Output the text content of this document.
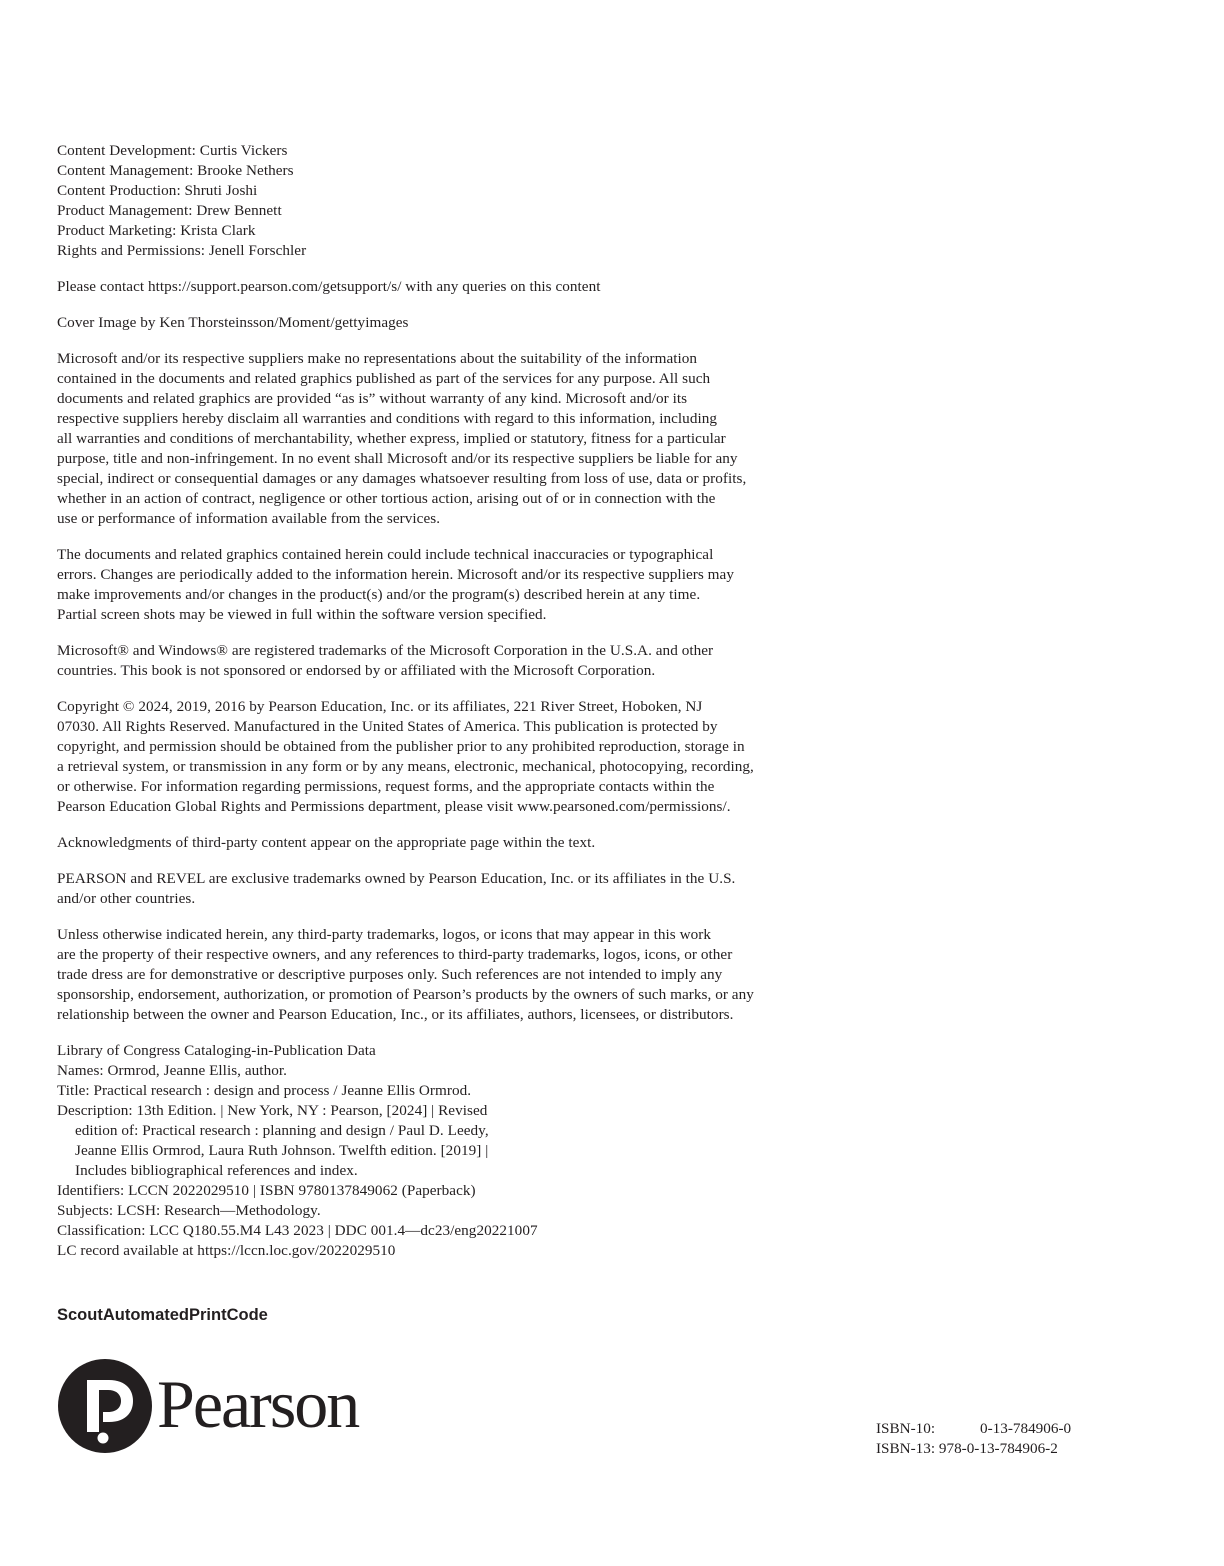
Content Development: Curtis Vickers
Content Management: Brooke Nethers
Content Production: Shruti Joshi
Product Management: Drew Bennett
Product Marketing: Krista Clark
Rights and Permissions: Jenell Forschler
Please contact https://support.pearson.com/getsupport/s/ with any queries on this content
Cover Image by Ken Thorsteinsson/Moment/gettyimages
Microsoft and/or its respective suppliers make no representations about the suitability of the information
contained in the documents and related graphics published as part of the services for any purpose. All such
documents and related graphics are provided “as is” without warranty of any kind. Microsoft and/or its
respective suppliers hereby disclaim all warranties and conditions with regard to this information, including
all warranties and conditions of merchantability, whether express, implied or statutory, fitness for a particular
purpose, title and non-infringement. In no event shall Microsoft and/or its respective suppliers be liable for any
special, indirect or consequential damages or any damages whatsoever resulting from loss of use, data or profits,
whether in an action of contract, negligence or other tortious action, arising out of or in connection with the
use or performance of information available from the services.
The documents and related graphics contained herein could include technical inaccuracies or typographical
errors. Changes are periodically added to the information herein. Microsoft and/or its respective suppliers may
make improvements and/or changes in the product(s) and/or the program(s) described herein at any time.
Partial screen shots may be viewed in full within the software version specified.
Microsoft® and Windows® are registered trademarks of the Microsoft Corporation in the U.S.A. and other
countries. This book is not sponsored or endorsed by or affiliated with the Microsoft Corporation.
Copyright © 2024, 2019, 2016 by Pearson Education, Inc. or its affiliates, 221 River Street, Hoboken, NJ
07030. All Rights Reserved. Manufactured in the United States of America. This publication is protected by
copyright, and permission should be obtained from the publisher prior to any prohibited reproduction, storage in
a retrieval system, or transmission in any form or by any means, electronic, mechanical, photocopying, recording,
or otherwise. For information regarding permissions, request forms, and the appropriate contacts within the
Pearson Education Global Rights and Permissions department, please visit www.pearsoned.com/permissions/.
Acknowledgments of third-party content appear on the appropriate page within the text.
PEARSON and REVEL are exclusive trademarks owned by Pearson Education, Inc. or its affiliates in the U.S.
and/or other countries.
Unless otherwise indicated herein, any third-party trademarks, logos, or icons that may appear in this work
are the property of their respective owners, and any references to third-party trademarks, logos, icons, or other
trade dress are for demonstrative or descriptive purposes only. Such references are not intended to imply any
sponsorship, endorsement, authorization, or promotion of Pearson’s products by the owners of such marks, or any
relationship between the owner and Pearson Education, Inc., or its affiliates, authors, licensees, or distributors.
Library of Congress Cataloging-in-Publication Data
Names: Ormrod, Jeanne Ellis, author.
Title: Practical research : design and process / Jeanne Ellis Ormrod.
Description: 13th Edition. | New York, NY : Pearson, [2024] | Revised
edition of: Practical research : planning and design / Paul D. Leedy,
Jeanne Ellis Ormrod, Laura Ruth Johnson. Twelfth edition. [2019] |
Includes bibliographical references and index.
Identifiers: LCCN 2022029510 | ISBN 9780137849062 (Paperback)
Subjects: LCSH: Research—Methodology.
Classification: LCC Q180.55.M4 L43 2023 | DDC 001.4—dc23/eng20221007
LC record available at https://lccn.loc.gov/2022029510
ScoutAutomatedPrintCode
Pearson	ISBN-10:	0-13-784906-0
ISBN-13:
978-0-13-784906-2
